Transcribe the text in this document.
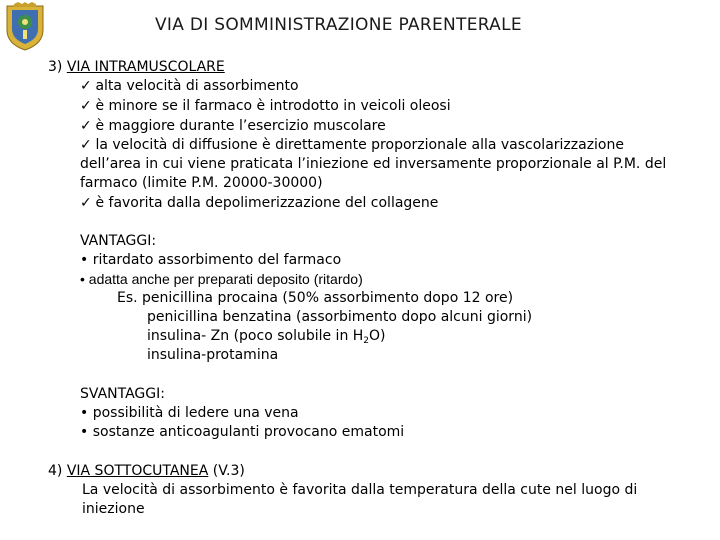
VIA DI SOMMINISTRAZIONE PARENTERALE
3) VIA INTRAMUSCOLARE
✓ alta velocità di assorbimento
✓ è minore se il farmaco è introdotto in veicoli oleosi
✓ è maggiore durante l’esercizio muscolare
✓ la velocità di diffusione è direttamente proporzionale alla vascolarizzazione
dell’area in cui viene praticata l’iniezione ed inversamente proporzionale al P.M. del
farmaco (limite P.M. 20000-30000)
✓ è favorita dalla depolimerizzazione del collagene
VANTAGGI:
• ritardato assorbimento del farmaco
• adatta anche per preparati deposito (ritardo)
Es. penicillina procaina (50% assorbimento dopo 12 ore)
penicillina benzatina (assorbimento dopo alcuni giorni)
insulina- Zn (poco solubile in $H_2O$)
insulina-protamina
SVANTAGGI:
• possibilità di ledere una vena
• sostanze anticoagulanti provocano ematomi
4) VIA SOTTOCUTANEA (V.3)
La velocità di assorbimento è favorita dalla temperatura della cute nel luogo di
iniezione
